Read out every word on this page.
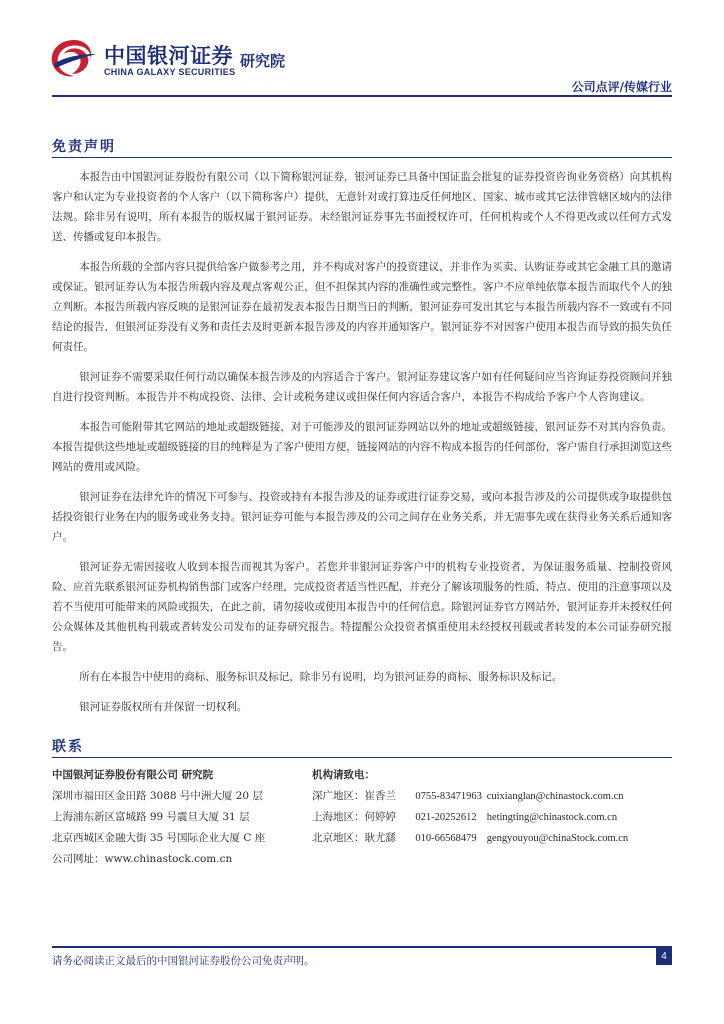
中国银河证券
CHINA GALAXY SECURITIES
研究院
公司点评/传媒行业
免责声明

本报告由中国银河证券股份有限公司（以下简称银河证券，银河证券已具备中国证监会批复的证券投资咨询业务资格）向其机构客户和认定为专业投资者的个人客户（以下简称客户）提供，无意针对或打算违反任何地区、国家、城市或其它法律管辖区域内的法律法规。除非另有说明，所有本报告的版权属于银河证券。未经银河证券事先书面授权许可，任何机构或个人不得更改或以任何方式发送、传播或复印本报告。

本报告所载的全部内容只提供给客户做参考之用，并不构成对客户的投资建议，并非作为买卖、认购证券或其它金融工具的邀请或保证。银河证券认为本报告所载内容及观点客观公正，但不担保其内容的准确性或完整性。客户不应单纯依靠本报告而取代个人的独立判断。本报告所载内容反映的是银河证券在最初发表本报告日期当日的判断，银河证券可发出其它与本报告所载内容不一致或有不同结论的报告，但银河证券没有义务和责任去及时更新本报告涉及的内容并通知客户。银河证券不对因客户使用本报告而导致的损失负任何责任。

银河证券不需要采取任何行动以确保本报告涉及的内容适合于客户。银河证券建议客户如有任何疑问应当咨询证券投资顾问并独自进行投资判断。本报告并不构成投资、法律、会计或税务建议或担保任何内容适合客户，本报告不构成给予客户个人咨询建议。

本报告可能附带其它网站的地址或超级链接，对于可能涉及的银河证券网站以外的地址或超级链接，银河证券不对其内容负责。本报告提供这些地址或超级链接的目的纯粹是为了客户使用方便，链接网站的内容不构成本报告的任何部份，客户需自行承担浏览这些网站的费用或风险。

银河证券在法律允许的情况下可参与、投资或持有本报告涉及的证券或进行证券交易，或向本报告涉及的公司提供或争取提供包括投资银行业务在内的服务或业务支持。银河证券可能与本报告涉及的公司之间存在业务关系，并无需事先或在获得业务关系后通知客户。

银河证券无需因接收人收到本报告而视其为客户。若您并非银河证券客户中的机构专业投资者，为保证服务质量、控制投资风险、应首先联系银河证券机构销售部门或客户经理，完成投资者适当性匹配，并充分了解该项服务的性质、特点、使用的注意事项以及若不当使用可能带来的风险或损失，在此之前，请勿接收或使用本报告中的任何信息。除银河证券官方网站外，银河证券并未授权任何公众媒体及其他机构刊载或者转发公司发布的证券研究报告。特提醒公众投资者慎重使用未经授权刊载或者转发的本公司证券研究报告。

所有在本报告中使用的商标、服务标识及标记，除非另有说明，均为银河证券的商标、服务标识及标记。

银河证券版权所有并保留一切权利。

联系
中国银河证券股份有限公司 研究院
深圳市福田区金田路 3088 号中洲大厦 20 层
上海浦东新区富城路 99 号震旦大厦 31 层
北京西城区金融大街 35 号国际企业大厦 C 座
公司网址：www.chinastock.com.cn
机构请致电：
深广地区：崔香兰 0755-83471963 cuixianglan@chinastock.com.cn
上海地区：何婷婷 021-20252612 hetingting@chinastock.com.cn
北京地区：耿尤繇 010-66568479 gengyouyou@chinaStock.com.cn
请务必阅读正文最后的中国银河证券股份公司免责声明。	4
